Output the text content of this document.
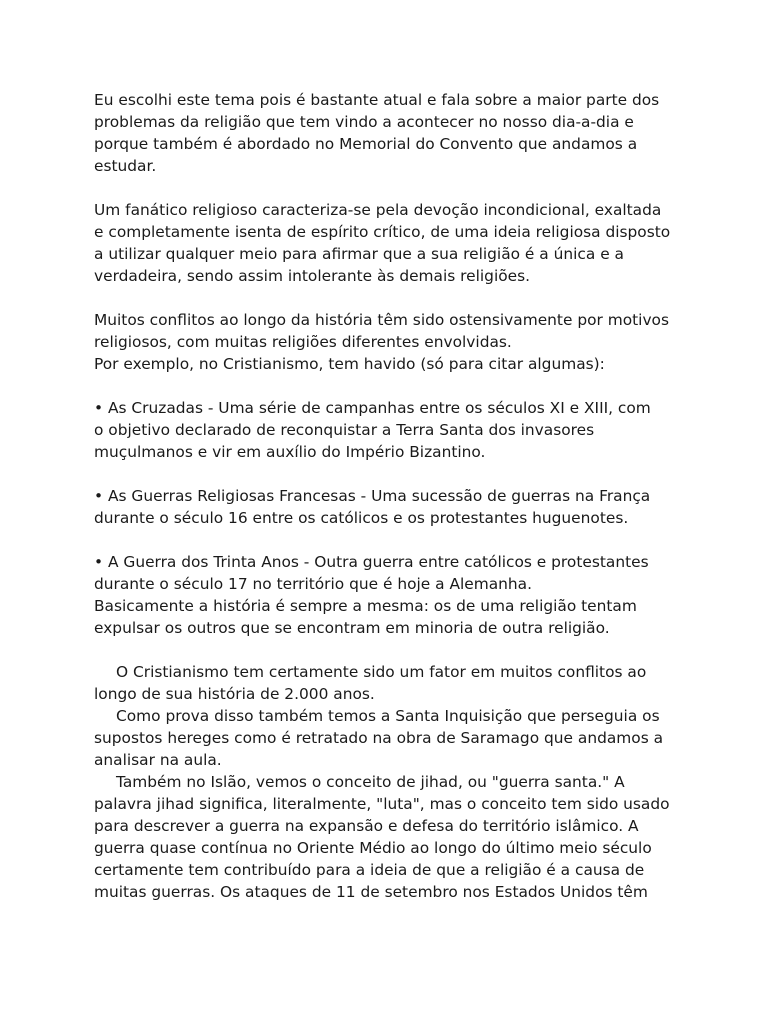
Eu escolhi este tema pois é bastante atual e fala sobre a maior parte dos
problemas da religião que tem vindo a acontecer no nosso dia-a-dia e
porque também é abordado no Memorial do Convento que andamos a
estudar.

Um fanático religioso caracteriza-se pela devoção incondicional, exaltada
e completamente isenta de espírito crítico, de uma ideia religiosa disposto
a utilizar qualquer meio para afirmar que a sua religião é a única e a
verdadeira, sendo assim intolerante às demais religiões.

Muitos conflitos ao longo da história têm sido ostensivamente por motivos
religiosos, com muitas religiões diferentes envolvidas.
Por exemplo, no Cristianismo, tem havido (só para citar algumas):

• As Cruzadas - Uma série de campanhas entre os séculos XI e XIII, com
o objetivo declarado de reconquistar a Terra Santa dos invasores
muçulmanos e vir em auxílio do Império Bizantino.

• As Guerras Religiosas Francesas - Uma sucessão de guerras na França
durante o século 16 entre os católicos e os protestantes huguenotes.

• A Guerra dos Trinta Anos - Outra guerra entre católicos e protestantes
durante o século 17 no território que é hoje a Alemanha.
Basicamente a história é sempre a mesma: os de uma religião tentam
expulsar os outros que se encontram em minoria de outra religião.

O Cristianismo tem certamente sido um fator em muitos conflitos ao
longo de sua história de 2.000 anos.
Como prova disso também temos a Santa Inquisição que perseguia os
supostos hereges como é retratado na obra de Saramago que andamos a
analisar na aula.
Também no Islão, vemos o conceito de jihad, ou "guerra santa." A
palavra jihad significa, literalmente, "luta", mas o conceito tem sido usado
para descrever a guerra na expansão e defesa do território islâmico. A
guerra quase contínua no Oriente Médio ao longo do último meio século
certamente tem contribuído para a ideia de que a religião é a causa de
muitas guerras. Os ataques de 11 de setembro nos Estados Unidos têm
